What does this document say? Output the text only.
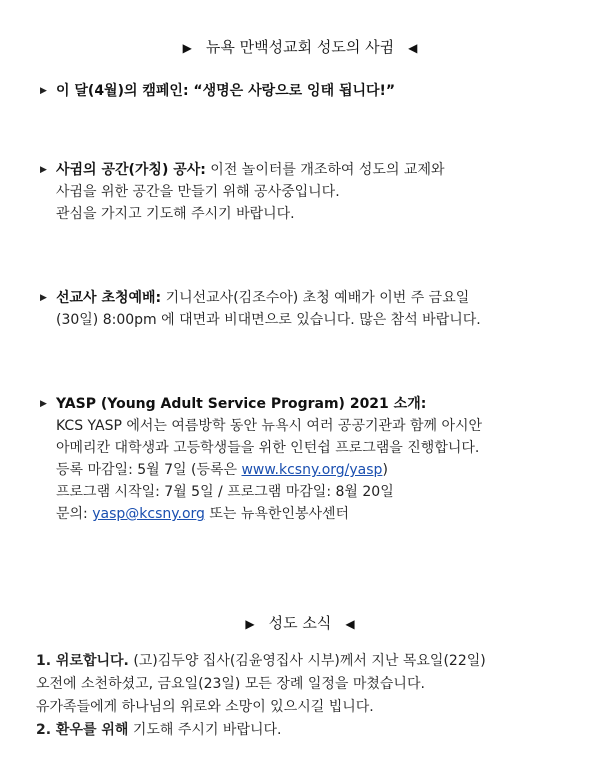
▶ 뉴욕 만백성교회 성도의 사귐 ◀
▶ 이 달(4월)의 캠페인: “생명은 사랑으로 잉태 됩니다!”
▶ 사귐의 공간(가칭) 공사: 이전 놀이터를 개조하여 성도의 교제와
사귐을 위한 공간을 만들기 위해 공사중입니다.
관심을 가지고 기도해 주시기 바랍니다.
▶ 선교사 초청예배: 기니선교사(김조수아) 초청 예배가 이번 주 금요일
(30일) 8:00pm 에 대면과 비대면으로 있습니다. 많은 참석 바랍니다.
▶ YASP (Young Adult Service Program) 2021 소개:
KCS YASP 에서는 여름방학 동안 뉴욕시 여러 공공기관과 함께 아시안
아메리칸 대학생과 고등학생들을 위한 인턴쉽 프로그램을 진행합니다.
등록 마감일: 5월 7일 (등록은 www.kcsny.org/yasp)
프로그램 시작일: 7월 5일 / 프로그램 마감일: 8월 20일
문의: yasp@kcsny.org 또는 뉴욕한인봉사센터
▶ 성도 소식 ◀
1. 위로합니다. (고)김두양 집사(김윤영집사 시부)께서 지난 목요일(22일)
오전에 소천하셨고, 금요일(23일) 모든 장례 일정을 마쳤습니다.
유가족들에게 하나님의 위로와 소망이 있으시길 빕니다.
2. 환우를 위해 기도해 주시기 바랍니다.
